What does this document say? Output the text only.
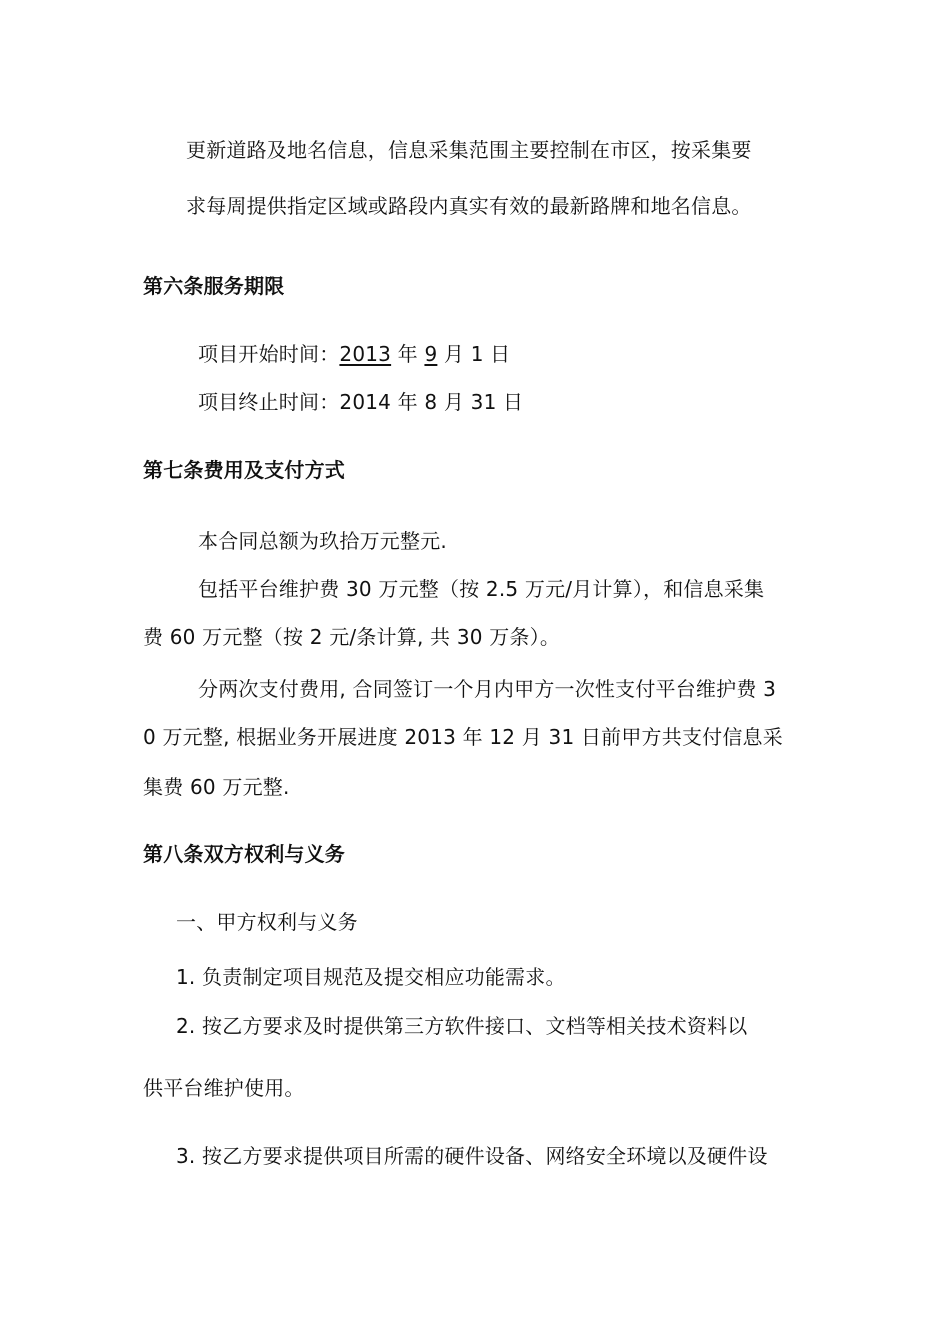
更新道路及地名信息，信息采集范围主要控制在市区，按采集要
求每周提供指定区域或路段内真实有效的最新路牌和地名信息。
第六条服务期限
项目开始时间：2013 年 9 月 1 日
项目终止时间：2014 年 8 月 31 日
第七条费用及支付方式
本合同总额为玖拾万元整元.
包括平台维护费 30 万元整（按 2.5 万元/月计算），和信息采集
费 60 万元整（按 2 元/条计算, 共 30 万条）。
分两次支付费用, 合同签订一个月内甲方一次性支付平台维护费 3
0 万元整, 根据业务开展进度 2013 年 12 月 31 日前甲方共支付信息采
集费 60 万元整.
第八条双方权利与义务
一、甲方权利与义务
1. 负责制定项目规范及提交相应功能需求。
2. 按乙方要求及时提供第三方软件接口、文档等相关技术资料以
供平台维护使用。
3. 按乙方要求提供项目所需的硬件设备、网络安全环境以及硬件设
